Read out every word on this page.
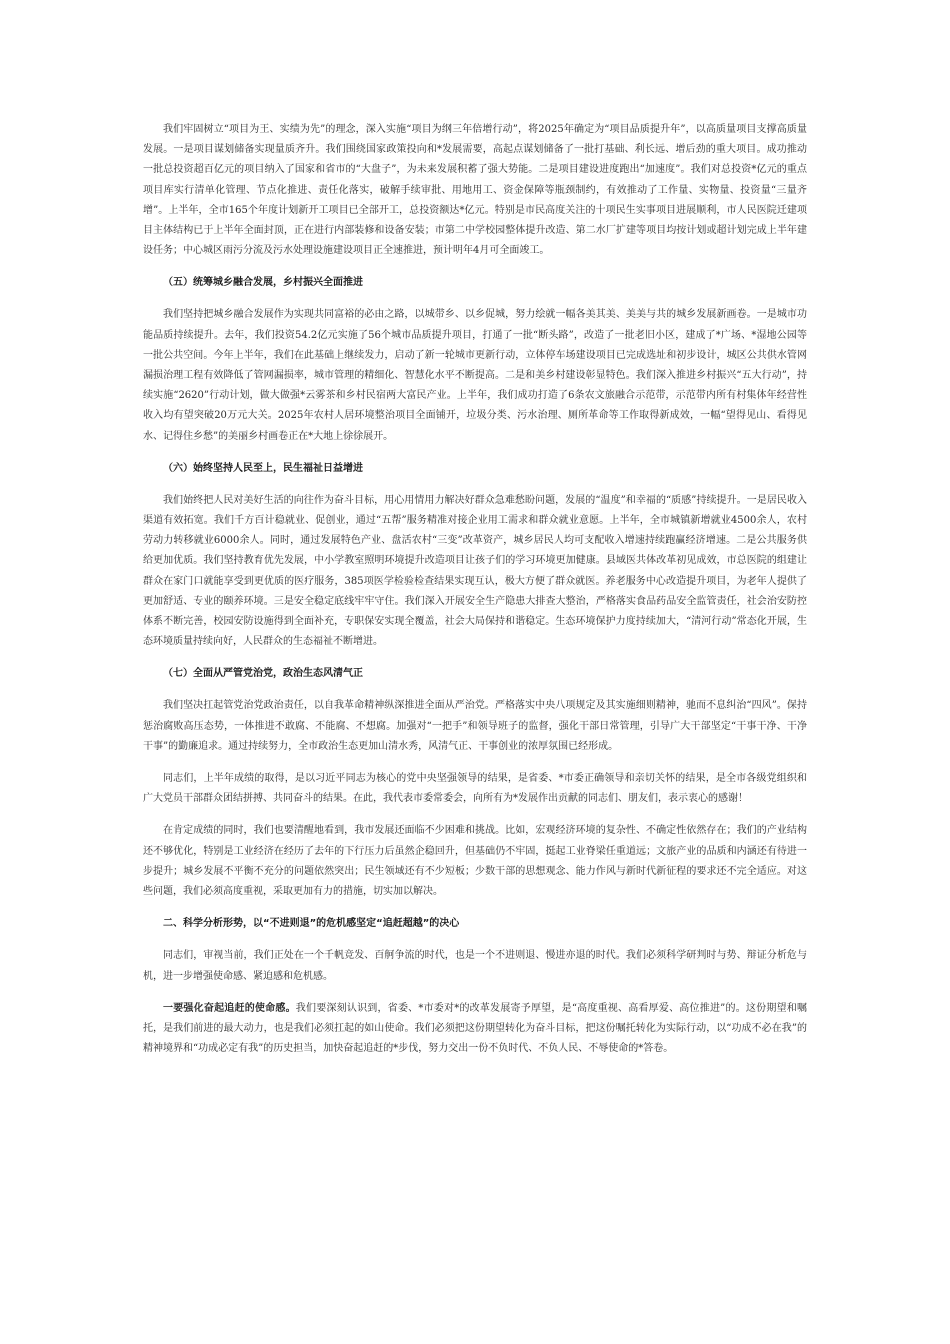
我们牢固树立“项目为王、实绩为先”的理念，深入实施“项目为纲三年倍增行动”，将2025年确定为“项目品质提升年”，以高质量项目支撑高质量发展。一是项目谋划储备实现量质齐升。我们围绕国家政策投向和*发展需要，高起点谋划储备了一批打基础、利长远、增后劲的重大项目。成功推动一批总投资超百亿元的项目纳入了国家和省市的“大盘子”，为未来发展积蓄了强大势能。二是项目建设进度跑出“加速度”。我们对总投资*亿元的重点项目库实行清单化管理、节点化推进、责任化落实，破解手续审批、用地用工、资金保障等瓶颈制约，有效推动了工作量、实物量、投资量“三量齐增”。上半年，全市165个年度计划新开工项目已全部开工，总投资额达*亿元。特别是市民高度关注的十项民生实事项目进展顺利，市人民医院迁建项目主体结构已于上半年全面封顶，正在进行内部装修和设备安装；市第二中学校园整体提升改造、第二水厂扩建等项目均按计划或超计划完成上半年建设任务；中心城区雨污分流及污水处理设施建设项目正全速推进，预计明年4月可全面竣工。

（五）统筹城乡融合发展，乡村振兴全面推进

我们坚持把城乡融合发展作为实现共同富裕的必由之路，以城带乡、以乡促城，努力绘就一幅各美其美、美美与共的城乡发展新画卷。一是城市功能品质持续提升。去年，我们投资54.2亿元实施了56个城市品质提升项目，打通了一批“断头路”，改造了一批老旧小区，建成了*广场、*湿地公园等一批公共空间。今年上半年，我们在此基础上继续发力，启动了新一轮城市更新行动，立体停车场建设项目已完成选址和初步设计，城区公共供水管网漏损治理工程有效降低了管网漏损率，城市管理的精细化、智慧化水平不断提高。二是和美乡村建设彰显特色。我们深入推进乡村振兴“五大行动”，持续实施“2620”行动计划，做大做强*云雾茶和乡村民宿两大富民产业。上半年，我们成功打造了6条农文旅融合示范带，示范带内所有村集体年经营性收入均有望突破20万元大关。2025年农村人居环境整治项目全面铺开，垃圾分类、污水治理、厕所革命等工作取得新成效，一幅“望得见山、看得见水、记得住乡愁”的美丽乡村画卷正在*大地上徐徐展开。

（六）始终坚持人民至上，民生福祉日益增进

我们始终把人民对美好生活的向往作为奋斗目标，用心用情用力解决好群众急难愁盼问题，发展的“温度”和幸福的“质感”持续提升。一是居民收入渠道有效拓宽。我们千方百计稳就业、促创业，通过“五帮”服务精准对接企业用工需求和群众就业意愿。上半年，全市城镇新增就业4500余人，农村劳动力转移就业6000余人。同时，通过发展特色产业、盘活农村“三变”改革资产，城乡居民人均可支配收入增速持续跑赢经济增速。二是公共服务供给更加优质。我们坚持教育优先发展，中小学教室照明环境提升改造项目让孩子们的学习环境更加健康。县域医共体改革初见成效，市总医院的组建让群众在家门口就能享受到更优质的医疗服务，385项医学检验检查结果实现互认，极大方便了群众就医。养老服务中心改造提升项目，为老年人提供了更加舒适、专业的颐养环境。三是安全稳定底线牢牢守住。我们深入开展安全生产隐患大排查大整治，严格落实食品药品安全监管责任，社会治安防控体系不断完善，校园安防设施得到全面补充，专职保安实现全覆盖，社会大局保持和谐稳定。生态环境保护力度持续加大，“清河行动”常态化开展，生态环境质量持续向好，人民群众的生态福祉不断增进。

（七）全面从严管党治党，政治生态风清气正

我们坚决扛起管党治党政治责任，以自我革命精神纵深推进全面从严治党。严格落实中央八项规定及其实施细则精神，驰而不息纠治“四风”。保持惩治腐败高压态势，一体推进不敢腐、不能腐、不想腐。加强对“一把手”和领导班子的监督，强化干部日常管理，引导广大干部坚定“干事干净、干净干事”的勤廉追求。通过持续努力，全市政治生态更加山清水秀，风清气正、干事创业的浓厚氛围已经形成。

同志们，上半年成绩的取得，是以习近平同志为核心的党中央坚强领导的结果，是省委、*市委正确领导和亲切关怀的结果，是全市各级党组织和广大党员干部群众团结拼搏、共同奋斗的结果。在此，我代表市委常委会，向所有为*发展作出贡献的同志们、朋友们，表示衷心的感谢！

在肯定成绩的同时，我们也要清醒地看到，我市发展还面临不少困难和挑战。比如，宏观经济环境的复杂性、不确定性依然存在；我们的产业结构还不够优化，特别是工业经济在经历了去年的下行压力后虽然企稳回升，但基础仍不牢固，挺起工业脊梁任重道远；文旅产业的品质和内涵还有待进一步提升；城乡发展不平衡不充分的问题依然突出；民生领域还有不少短板；少数干部的思想观念、能力作风与新时代新征程的要求还不完全适应。对这些问题，我们必须高度重视，采取更加有力的措施，切实加以解决。

二、科学分析形势，以“不进则退”的危机感坚定“追赶超越”的决心

同志们，审视当前，我们正处在一个千帆竞发、百舸争流的时代，也是一个不进则退、慢进亦退的时代。我们必须科学研判时与势、辩证分析危与机，进一步增强使命感、紧迫感和危机感。

一要强化奋起追赶的使命感。我们要深刻认识到，省委、*市委对*的改革发展寄予厚望，是“高度重视、高看厚爱、高位推进”的。这份期望和嘱托，是我们前进的最大动力，也是我们必须扛起的如山使命。我们必须把这份期望转化为奋斗目标，把这份嘱托转化为实际行动，以“功成不必在我”的精神境界和“功成必定有我”的历史担当，加快奋起追赶的*步伐，努力交出一份不负时代、不负人民、不辱使命的*答卷。
